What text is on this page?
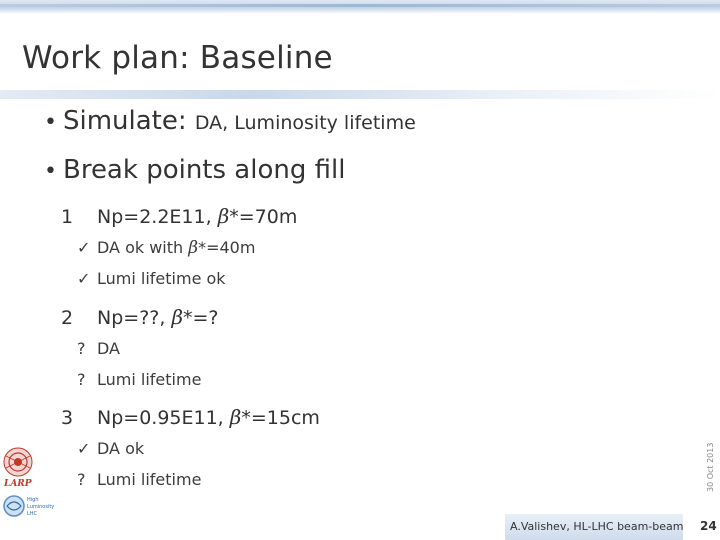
Work plan: Baseline
• Simulate: DA, Luminosity lifetime
• Break points along fill
1 Np=2.2E11, β*=70m
✓ DA ok with β*=40m
✓ Lumi lifetime ok
2 Np=??, β*=?
? DA
? Lumi lifetime
3 Np=0.95E11, β*=15cm
✓ DA ok
? Lumi lifetime
LARP
High
Luminosity
LHC
30 Oct 2013
A.Valishev, HL-LHC beam-beam 24
